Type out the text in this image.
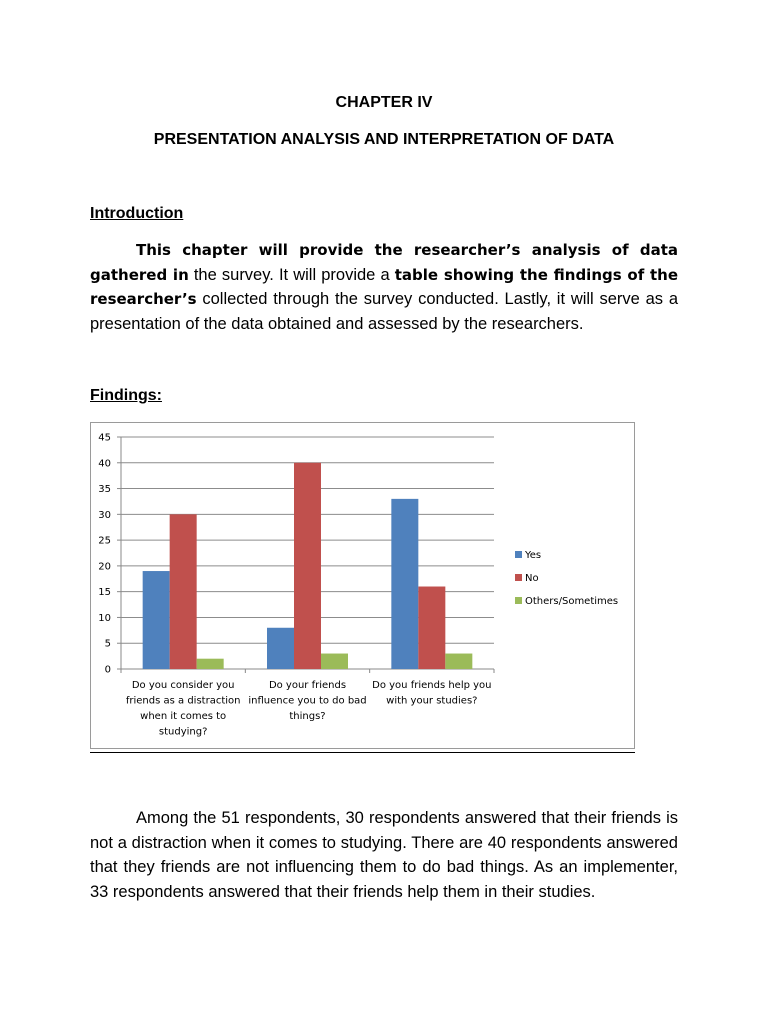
CHAPTER IV
PRESENTATION ANALYSIS AND INTERPRETATION OF DATA
Introduction

This chapter will provide the researcher’s analysis of data gathered in the survey. It will provide a table showing the findings of the researcher’s collected through the survey conducted. Lastly, it will serve as a presentation of the data obtained and assessed by the researchers.

Findings:
0
5
10
15
20
25
30
35
40
45
Do you consider you
friends as a distraction
when it comes to
studying?
Do your friends
influence you to do bad
things?
Do you friends help you
with your studies?
Yes
No
Others/Sometimes

Among the 51 respondents, 30 respondents answered that their friends is not a distraction when it comes to studying. There are 40 respondents answered that they friends are not influencing them to do bad things. As an implementer, 33 respondents answered that their friends help them in their studies.
